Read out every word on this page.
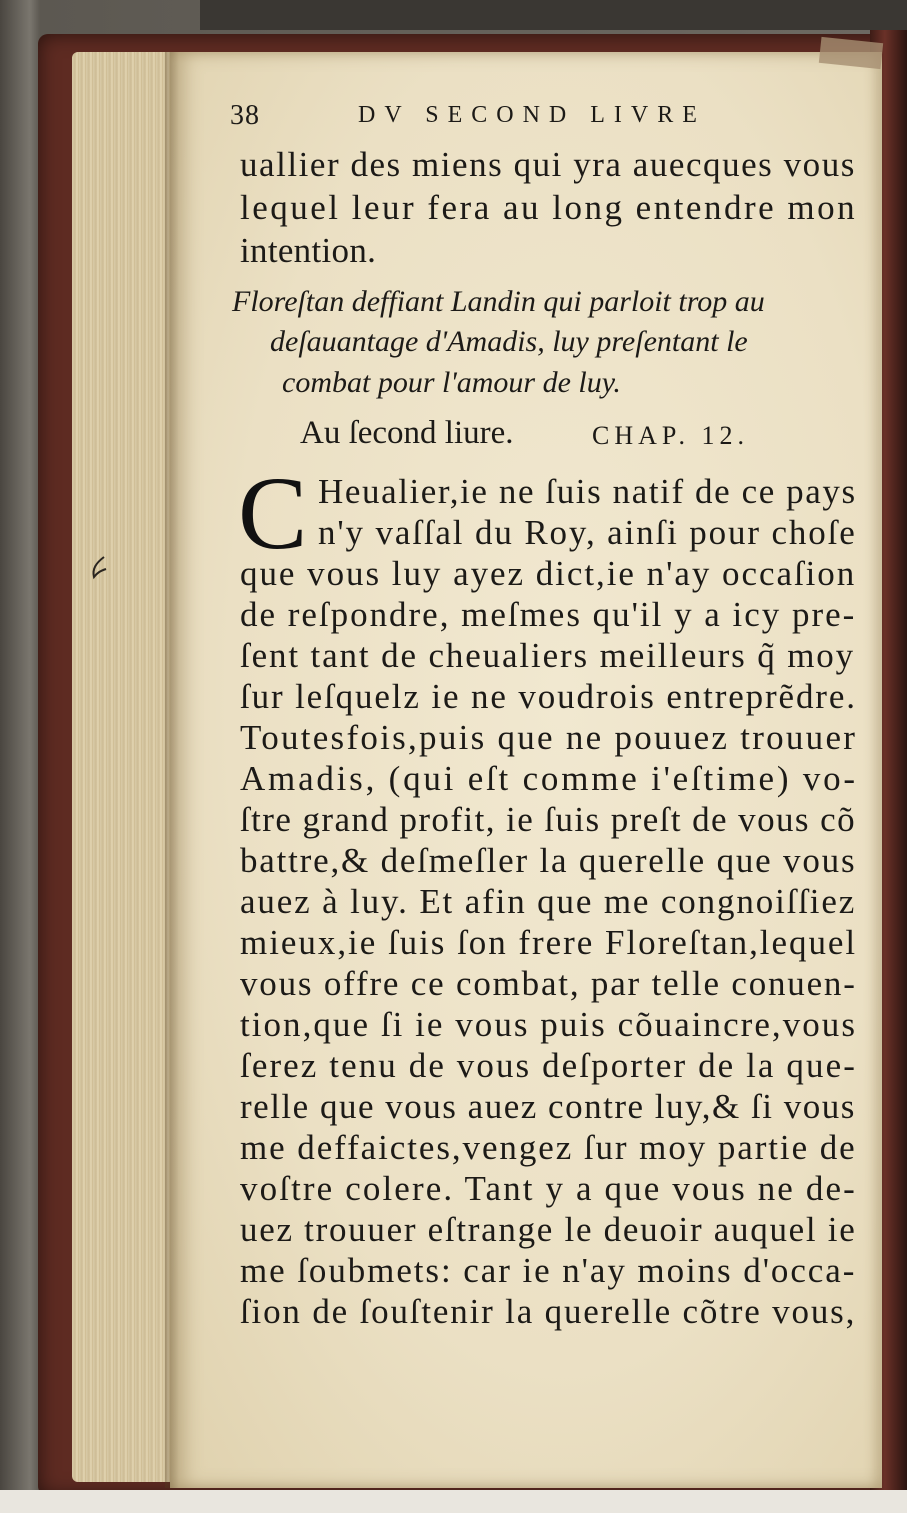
38	DV SECOND LIVRE
uallier des miens qui yra auecques vous
lequel leur fera au long entendre mon
intention.
Floreſtan deffiant Landin qui parloit trop au
deſauantage d'Amadis, luy preſentant le
combat pour l'amour de luy.
Au ſecond liure.	CHAP. 12.
C Heualier,ie ne ſuis natif de ce pays
n'y vaſſal du Roy, ainſi pour choſe
que vous luy ayez dict,ie n'ay occaſion
de reſpondre, meſmes qu'il y a icy pre-
ſent tant de cheualiers meilleurs q̃ moy
ſur leſquelz ie ne voudrois entreprẽdre.
Toutesfois,puis que ne pouuez trouuer
Amadis, (qui eſt comme i'eſtime) vo-
ſtre grand profit, ie ſuis preſt de vous cõ
battre,& deſmeſler la querelle que vous
auez à luy. Et afin que me congnoiſſiez
mieux,ie ſuis ſon frere Floreſtan,lequel
vous offre ce combat, par telle conuen-
tion,que ſi ie vous puis cõuaincre,vous
ſerez tenu de vous deſporter de la que-
relle que vous auez contre luy,& ſi vous
me deffaictes,vengez ſur moy partie de
voſtre colere. Tant y a que vous ne de-
uez trouuer eſtrange le deuoir auquel ie
me ſoubmets: car ie n'ay moins d'occa-
ſion de ſouſtenir la querelle cõtre vous,
